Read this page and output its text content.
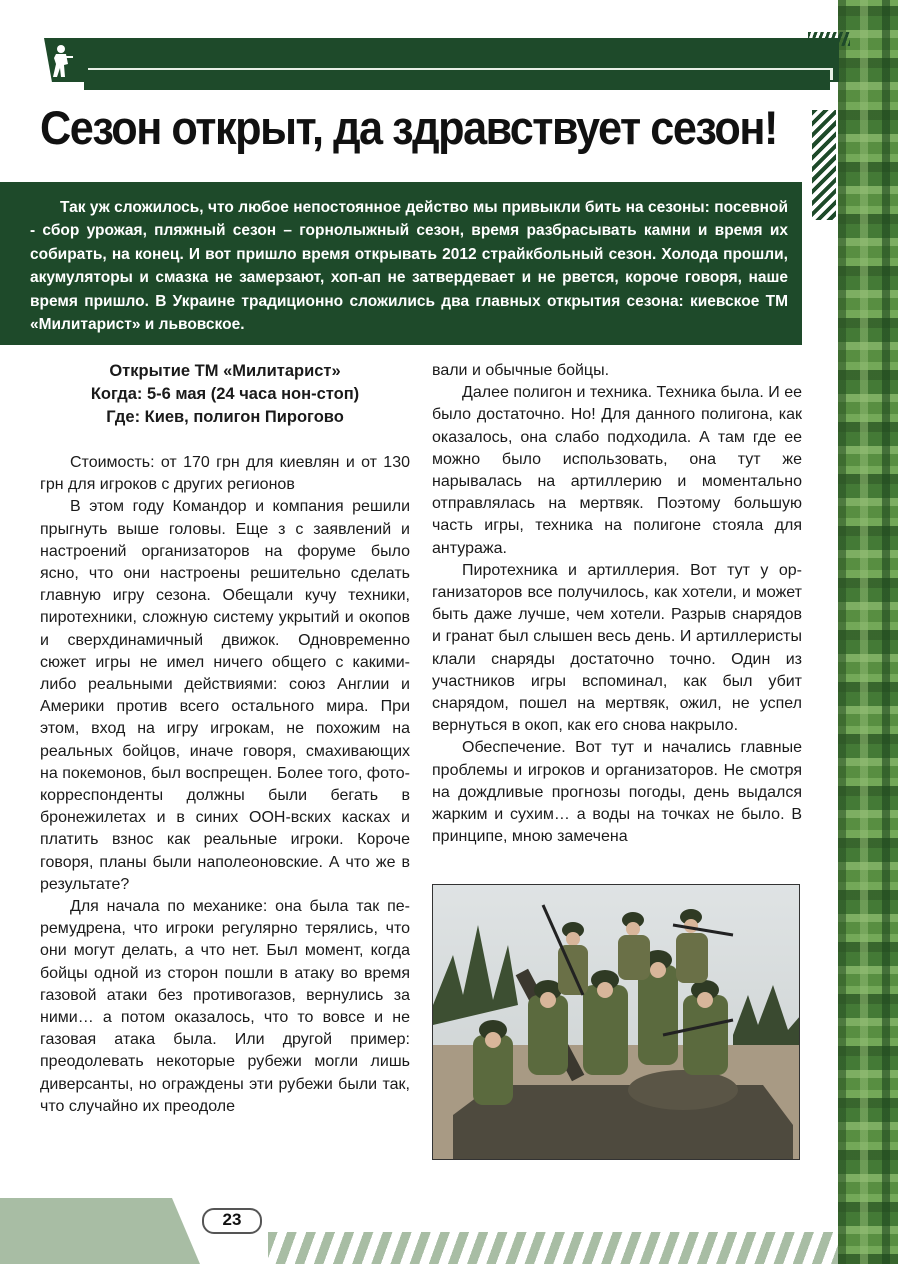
Сезон открыт, да здравствует сезон!

Так уж сложилось, что любое непостоянное действо мы привыкли бить на сезоны: посевной - сбор урожая, пляжный сезон – горнолыжный сезон, время разбрасывать камни и время их собирать, на конец. И вот пришло время открывать 2012 страйкбольный сезон. Холода прошли, акумуляторы и смазка не замерзают, хоп-ап не затвердевает и не рвется, короче говоря, наше время пришло. В Украине традиционно сложились два главных открытия сезона: киевское ТМ «Милитарист» и львовское.

Открытие ТМ «Милитарист»
Когда: 5-6 мая (24 часа нон-стоп)
Где: Киев, полигон Пирогово

Стоимость: от 170 грн для киевлян и от 130 грн для игроков с других регионов

В этом году Командор и компания решили прыгнуть выше головы. Еще з с заявлений и настроений организаторов на форуме было ясно, что они настроены решительно сделать главную игру сезона. Обещали кучу техники, пиротехники, сложную систему укрытий и окопов и сверхдинамичный движок. Одновременно сюжет игры не имел ничего общего с какими-либо реальными действиями: союз Англии и Америки против всего остального мира. При этом, вход на игру игрокам, не похожим на реальных бойцов, иначе говоря, смахивающих на покемонов, был воспрещен. Более того, фотокорреспонденты должны были бегать в бронежилетах и в синих ООН-вских касках и платить взнос как реальные игроки. Короче говоря, планы были наполеоновские. А что же в результате?

Для начала по механике: она была так перемудрена, что игроки регулярно терялись, что они могут делать, а что нет. Был момент, когда бойцы одной из сторон пошли в атаку во время газовой атаки без противогазов, вернулись за ними… а потом оказалось, что то вовсе и не газовая атака была. Или другой пример: преодолевать некоторые рубежи могли лишь диверсанты, но ограждены эти рубежи были так, что случайно их преодоле

вали и обычные бойцы.

Далее полигон и техника. Техника была. И ее было достаточно. Но! Для данного полигона, как оказалось, она слабо подходила. А там где ее можно было использовать, она тут же нарывалась на артиллерию и моментально отправлялась на мертвяк. Поэтому большую часть игры, техника на полигоне стояла для антуража.

Пиротехника и артиллерия. Вот тут у организаторов все получилось, как хотели, и может быть даже лучше, чем хотели. Разрыв снарядов и гранат был слышен весь день. И артиллеристы клали снаряды достаточно точно. Один из участников игры вспоминал, как был убит снарядом, пошел на мертвяк, ожил, не успел вернуться в окоп, как его снова накрыло.

Обеспечение. Вот тут и начались главные проблемы и игроков и организаторов. Не смотря на дождливые прогнозы погоды, день выдался жарким и сухим… а воды на точках не было. В принципе, мною замечена

23
